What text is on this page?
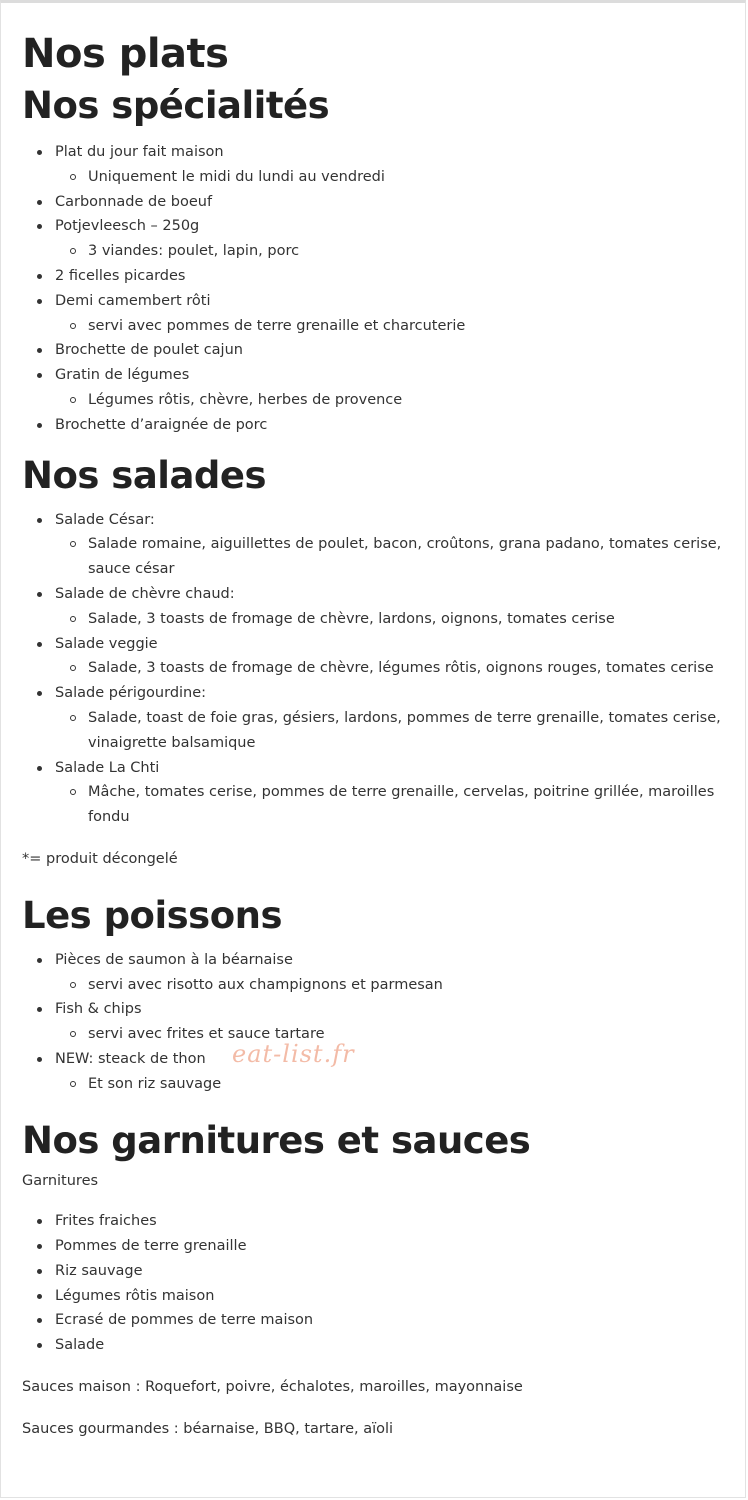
Nos plats
Nos spécialités
Plat du jour fait maison
Uniquement le midi du lundi au vendredi
Carbonnade de boeuf
Potjevleesch – 250g
3 viandes: poulet, lapin, porc
2 ficelles picardes
Demi camembert rôti
servi avec pommes de terre grenaille et charcuterie
Brochette de poulet cajun
Gratin de légumes
Légumes rôtis, chèvre, herbes de provence
Brochette d’araignée de porc
Nos salades
Salade César:
Salade romaine, aiguillettes de poulet, bacon, croûtons, grana padano, tomates cerise, sauce césar
Salade de chèvre chaud:
Salade, 3 toasts de fromage de chèvre, lardons, oignons, tomates cerise
Salade veggie
Salade, 3 toasts de fromage de chèvre, légumes rôtis, oignons rouges, tomates cerise
Salade périgourdine:
Salade, toast de foie gras, gésiers, lardons, pommes de terre grenaille, tomates cerise, vinaigrette balsamique
Salade La Chti
Mâche, tomates cerise, pommes de terre grenaille, cervelas, poitrine grillée, maroilles fondu

*= produit décongelé

Les poissons
Pièces de saumon à la béarnaise
servi avec risotto aux champignons et parmesan
Fish & chips
servi avec frites et sauce tartare
NEW: steack de thon
Et son riz sauvage
Nos garnitures et sauces

Garnitures

Frites fraiches
Pommes de terre grenaille
Riz sauvage
Légumes rôtis maison
Ecrasé de pommes de terre maison
Salade

Sauces maison : Roquefort, poivre, échalotes, maroilles, mayonnaise

Sauces gourmandes : béarnaise, BBQ, tartare, aïoli

eat-list.fr
